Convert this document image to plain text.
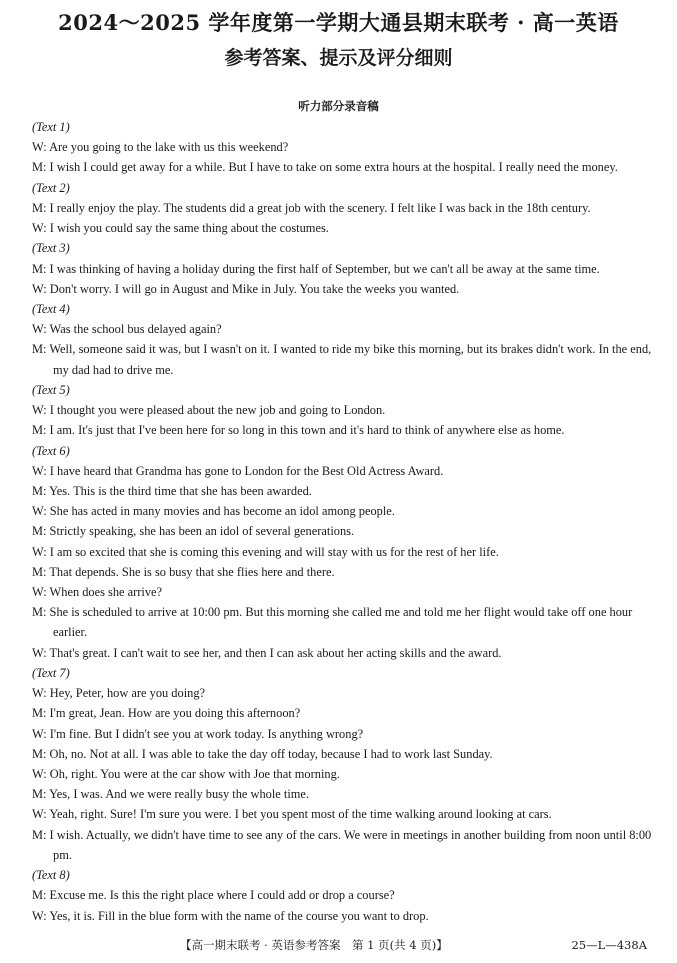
2024～2025 学年度第一学期大通县期末联考 · 高一英语
参考答案、提示及评分细则
听力部分录音稿
(Text 1)
W: Are you going to the lake with us this weekend?
M: I wish I could get away for a while. But I have to take on some extra hours at the hospital. I really need the money.
(Text 2)
M: I really enjoy the play. The students did a great job with the scenery. I felt like I was back in the 18th century.
W: I wish you could say the same thing about the costumes.
(Text 3)
M: I was thinking of having a holiday during the first half of September, but we can't all be away at the same time.
W: Don't worry. I will go in August and Mike in July. You take the weeks you wanted.
(Text 4)
W: Was the school bus delayed again?
M: Well, someone said it was, but I wasn't on it. I wanted to ride my bike this morning, but its brakes didn't work. In the end, my dad had to drive me.
(Text 5)
W: I thought you were pleased about the new job and going to London.
M: I am. It's just that I've been here for so long in this town and it's hard to think of anywhere else as home.
(Text 6)
W: I have heard that Grandma has gone to London for the Best Old Actress Award.
M: Yes. This is the third time that she has been awarded.
W: She has acted in many movies and has become an idol among people.
M: Strictly speaking, she has been an idol of several generations.
W: I am so excited that she is coming this evening and will stay with us for the rest of her life.
M: That depends. She is so busy that she flies here and there.
W: When does she arrive?
M: She is scheduled to arrive at 10:00 pm. But this morning she called me and told me her flight would take off one hour earlier.
W: That's great. I can't wait to see her, and then I can ask about her acting skills and the award.
(Text 7)
W: Hey, Peter, how are you doing?
M: I'm great, Jean. How are you doing this afternoon?
W: I'm fine. But I didn't see you at work today. Is anything wrong?
M: Oh, no. Not at all. I was able to take the day off today, because I had to work last Sunday.
W: Oh, right. You were at the car show with Joe that morning.
M: Yes, I was. And we were really busy the whole time.
W: Yeah, right. Sure! I'm sure you were. I bet you spent most of the time walking around looking at cars.
M: I wish. Actually, we didn't have time to see any of the cars. We were in meetings in another building from noon until 8:00 pm.
(Text 8)
M: Excuse me. Is this the right place where I could add or drop a course?
W: Yes, it is. Fill in the blue form with the name of the course you want to drop.
【高一期末联考 · 英语参考答案　第 1 页(共 4 页)】	25—L—438A
